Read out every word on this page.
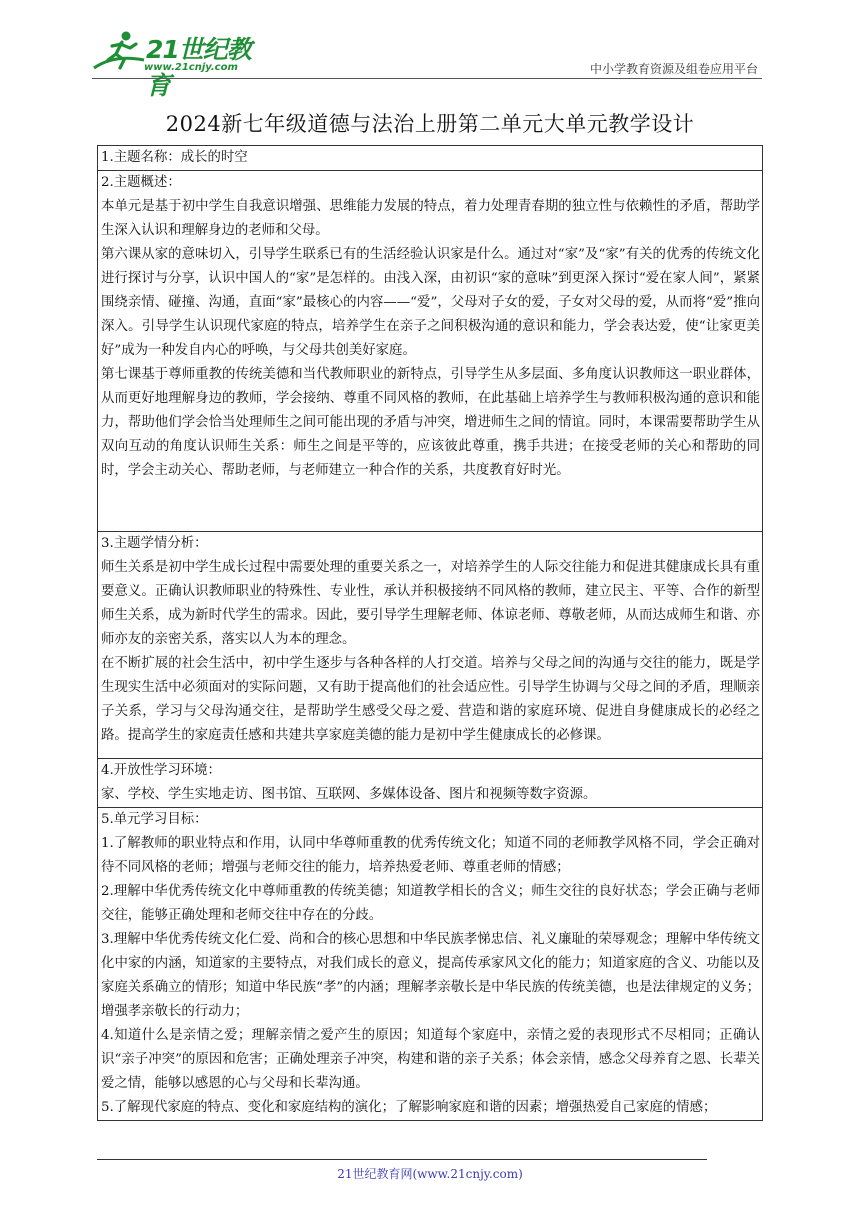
21世纪教育
www.21cnjy.com	中小学教育资源及组卷应用平台
2024新七年级道德与法治上册第二单元大单元教学设计

1.主题名称：成长的时空

2.主题概述：

本单元是基于初中学生自我意识增强、思维能力发展的特点，着力处理青春期的独立性与依赖性的矛盾，帮助学生深入认识和理解身边的老师和父母。

第六课从家的意味切入，引导学生联系已有的生活经验认识家是什么。通过对“家”及“家”有关的优秀的传统文化进行探讨与分享，认识中国人的“家”是怎样的。由浅入深，由初识“家的意味”到更深入探讨“爱在家人间”，紧紧围绕亲情、碰撞、沟通，直面“家”最核心的内容——“爱”，父母对子女的爱，子女对父母的爱，从而将“爱”推向深入。引导学生认识现代家庭的特点，培养学生在亲子之间积极沟通的意识和能力，学会表达爱，使“让家更美好”成为一种发自内心的呼唤，与父母共创美好家庭。

第七课基于尊师重教的传统美德和当代教师职业的新特点，引导学生从多层面、多角度认识教师这一职业群体，从而更好地理解身边的教师，学会接纳、尊重不同风格的教师，在此基础上培养学生与教师积极沟通的意识和能力，帮助他们学会恰当处理师生之间可能出现的矛盾与冲突，增进师生之间的情谊。同时，本课需要帮助学生从双向互动的角度认识师生关系：师生之间是平等的，应该彼此尊重，携手共进；在接受老师的关心和帮助的同时，学会主动关心、帮助老师，与老师建立一种合作的关系，共度教育好时光。

3.主题学情分析：

师生关系是初中学生成长过程中需要处理的重要关系之一，对培养学生的人际交往能力和促进其健康成长具有重要意义。正确认识教师职业的特殊性、专业性，承认并积极接纳不同风格的教师，建立民主、平等、合作的新型师生关系，成为新时代学生的需求。因此，要引导学生理解老师、体谅老师、尊敬老师，从而达成师生和谐、亦师亦友的亲密关系，落实以人为本的理念。

在不断扩展的社会生活中，初中学生逐步与各种各样的人打交道。培养与父母之间的沟通与交往的能力，既是学生现实生活中必须面对的实际问题，又有助于提高他们的社会适应性。引导学生协调与父母之间的矛盾，理顺亲子关系，学习与父母沟通交往，是帮助学生感受父母之爱、营造和谐的家庭环境、促进自身健康成长的必经之路。提高学生的家庭责任感和共建共享家庭美德的能力是初中学生健康成长的必修课。

4.开放性学习环境：

家、学校、学生实地走访、图书馆、互联网、多媒体设备、图片和视频等数字资源。

5.单元学习目标：

1.了解教师的职业特点和作用，认同中华尊师重教的优秀传统文化；知道不同的老师教学风格不同，学会正确对待不同风格的老师；增强与老师交往的能力，培养热爱老师、尊重老师的情感；

2.理解中华优秀传统文化中尊师重教的传统美德；知道教学相长的含义；师生交往的良好状态；学会正确与老师交往，能够正确处理和老师交往中存在的分歧。

3.理解中华优秀传统文化仁爱、尚和合的核心思想和中华民族孝悌忠信、礼义廉耻的荣辱观念；理解中华传统文化中家的内涵，知道家的主要特点，对我们成长的意义，提高传承家风文化的能力；知道家庭的含义、功能以及家庭关系确立的情形；知道中华民族“孝”的内涵；理解孝亲敬长是中华民族的传统美德，也是法律规定的义务；增强孝亲敬长的行动力；

4.知道什么是亲情之爱；理解亲情之爱产生的原因；知道每个家庭中，亲情之爱的表现形式不尽相同；正确认识“亲子冲突”的原因和危害；正确处理亲子冲突，构建和谐的亲子关系；体会亲情，感念父母养育之恩、长辈关爱之情，能够以感恩的心与父母和长辈沟通。

5.了解现代家庭的特点、变化和家庭结构的演化；了解影响家庭和谐的因素；增强热爱自己家庭的情感；

21世纪教育网(www.21cnjy.com)
